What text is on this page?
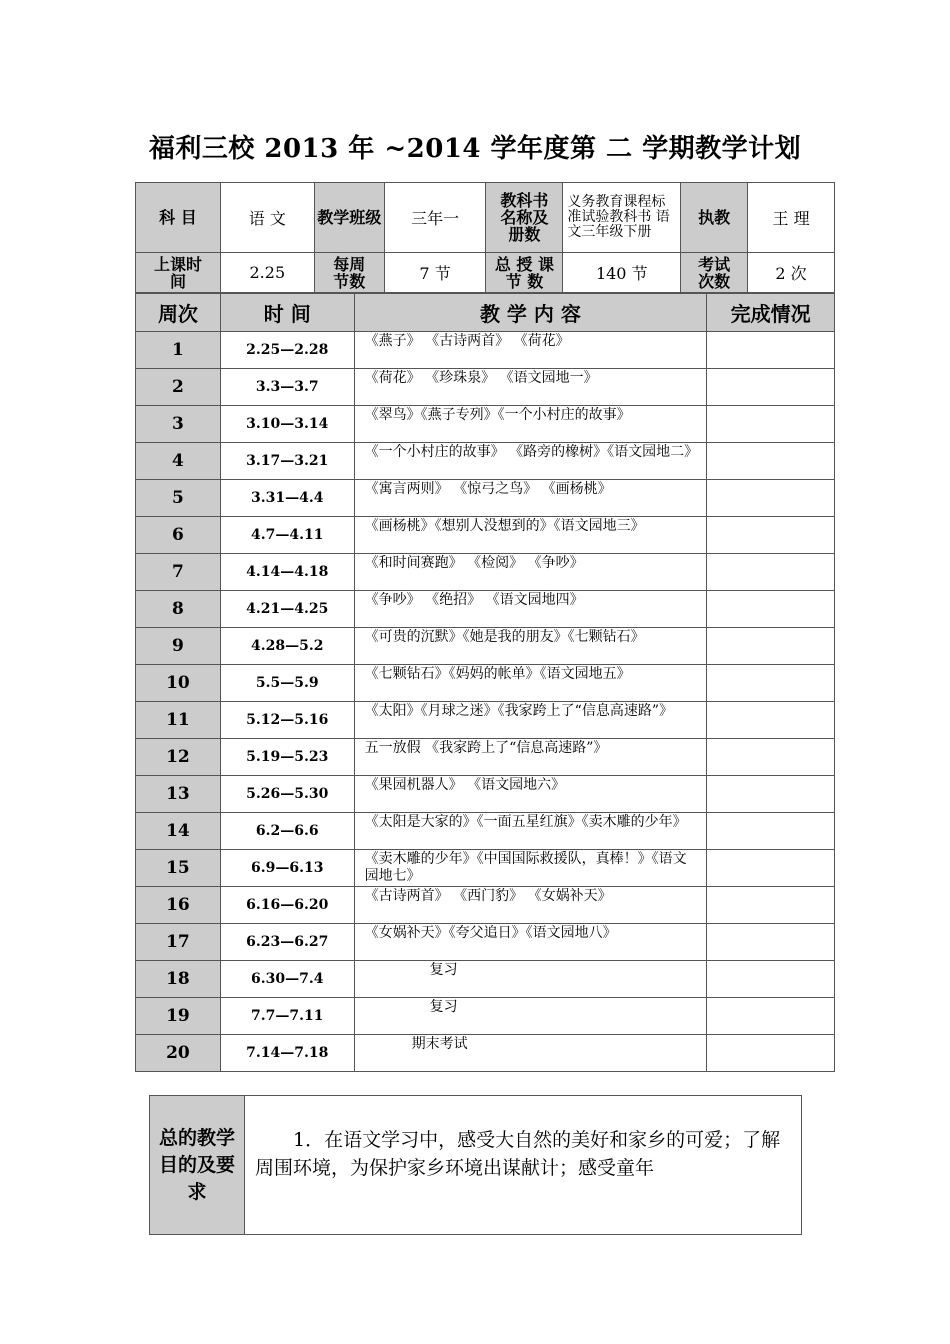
福利三校 2013 年 ~2014 学年度第 二 学期教学计划
科 目	语 文	教学班级	三年一	教科书名称及册数	义务教育课程标准试验教科书 语文三年级下册	执教	王 理
上课时间	2.25	每周节数	7 节	总 授 课 节 数	140 节	考试次数	2 次
周次	时 间	教 学 内 容	完成情况
1	2.25—2.28	《燕子》 《古诗两首》 《荷花》	
2	3.3—3.7	《荷花》 《珍珠泉》 《语文园地一》	
3	3.10—3.14	《翠鸟》《燕子专列》《一个小村庄的故事》	
4	3.17—3.21	《一个小村庄的故事》 《路旁的橡树》《语文园地二》	
5	3.31—4.4	《寓言两则》 《惊弓之鸟》 《画杨桃》	
6	4.7—4.11	《画杨桃》《想别人没想到的》《语文园地三》	
7	4.14—4.18	《和时间赛跑》 《检阅》 《争吵》	
8	4.21—4.25	《争吵》 《绝招》 《语文园地四》	
9	4.28—5.2	《可贵的沉默》《她是我的朋友》《七颗钻石》	
10	5.5—5.9	《七颗钻石》《妈妈的帐单》《语文园地五》	
11	5.12—5.16	《太阳》《月球之迷》《我家跨上了“信息高速路”》	
12	5.19—5.23	五一放假 《我家跨上了“信息高速路”》	
13	5.26—5.30	《果园机器人》 《语文园地六》	
14	6.2—6.6	《太阳是大家的》《一面五星红旗》《卖木雕的少年》	
15	6.9—6.13	《卖木雕的少年》《中国国际救援队，真棒！》《语文园地七》	
16	6.16—6.20	《古诗两首》 《西门豹》 《女娲补天》	
17	6.23—6.27	《女娲补天》《夸父追日》《语文园地八》	
18	6.30—7.4	复习	
19	7.7—7.11	复习	
20	7.14—7.18	期末考试	
总的教学目的及要求	1．在语文学习中，感受大自然的美好和家乡的可爱；了解周围环境，为保护家乡环境出谋献计；感受童年
